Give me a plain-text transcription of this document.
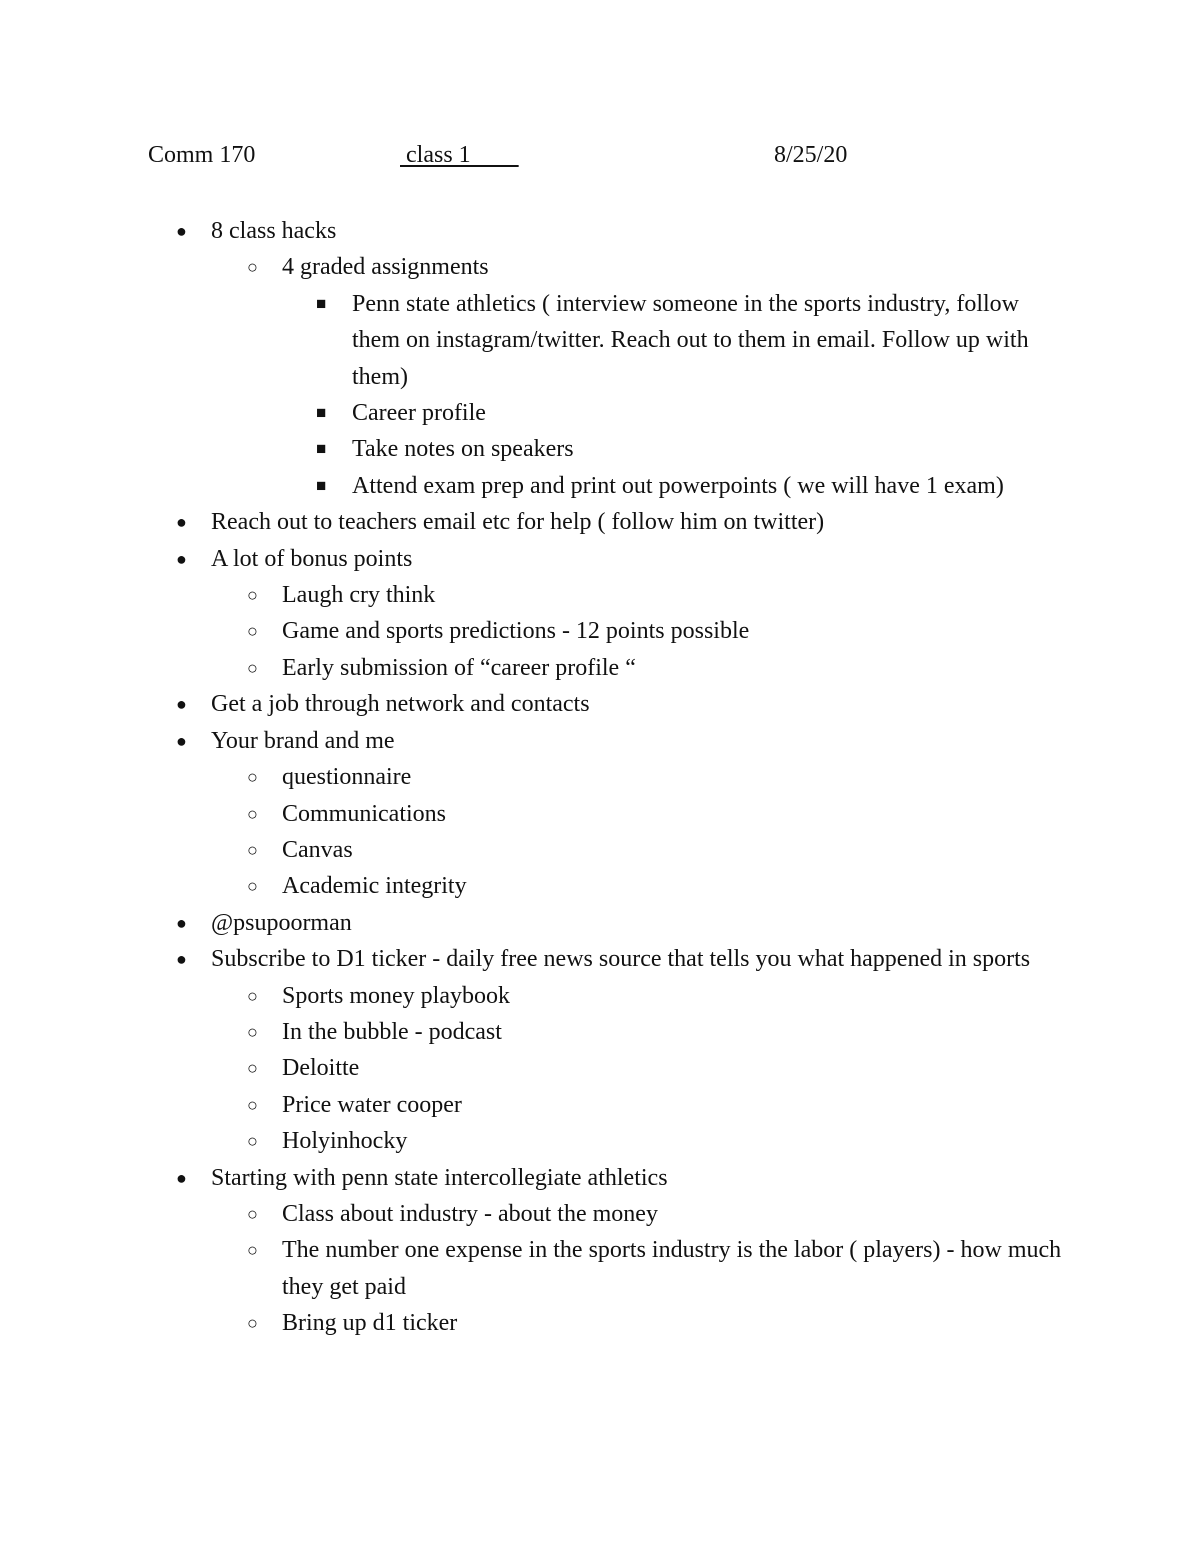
Comm 170	class 1	8/25/20
● 8 class hacks
○ 4 graded assignments
■ Penn state athletics ( interview someone in the sports industry, follow them on instagram/twitter. Reach out to them in email. Follow up with them)
■ Career profile
■ Take notes on speakers
■ Attend exam prep and print out powerpoints ( we will have 1 exam)
● Reach out to teachers email etc for help ( follow him on twitter)
● A lot of bonus points
○ Laugh cry think
○ Game and sports predictions - 12 points possible
○ Early submission of “career profile “
● Get a job through network and contacts
● Your brand and me
○ questionnaire
○ Communications
○ Canvas
○ Academic integrity
● @psupoorman
● Subscribe to D1 ticker - daily free news source that tells you what happened in sports
○ Sports money playbook
○ In the bubble - podcast
○ Deloitte
○ Price water cooper
○ Holyinhocky
● Starting with penn state intercollegiate athletics
○ Class about industry - about the money
○ The number one expense in the sports industry is the labor ( players) - how much they get paid
○ Bring up d1 ticker
